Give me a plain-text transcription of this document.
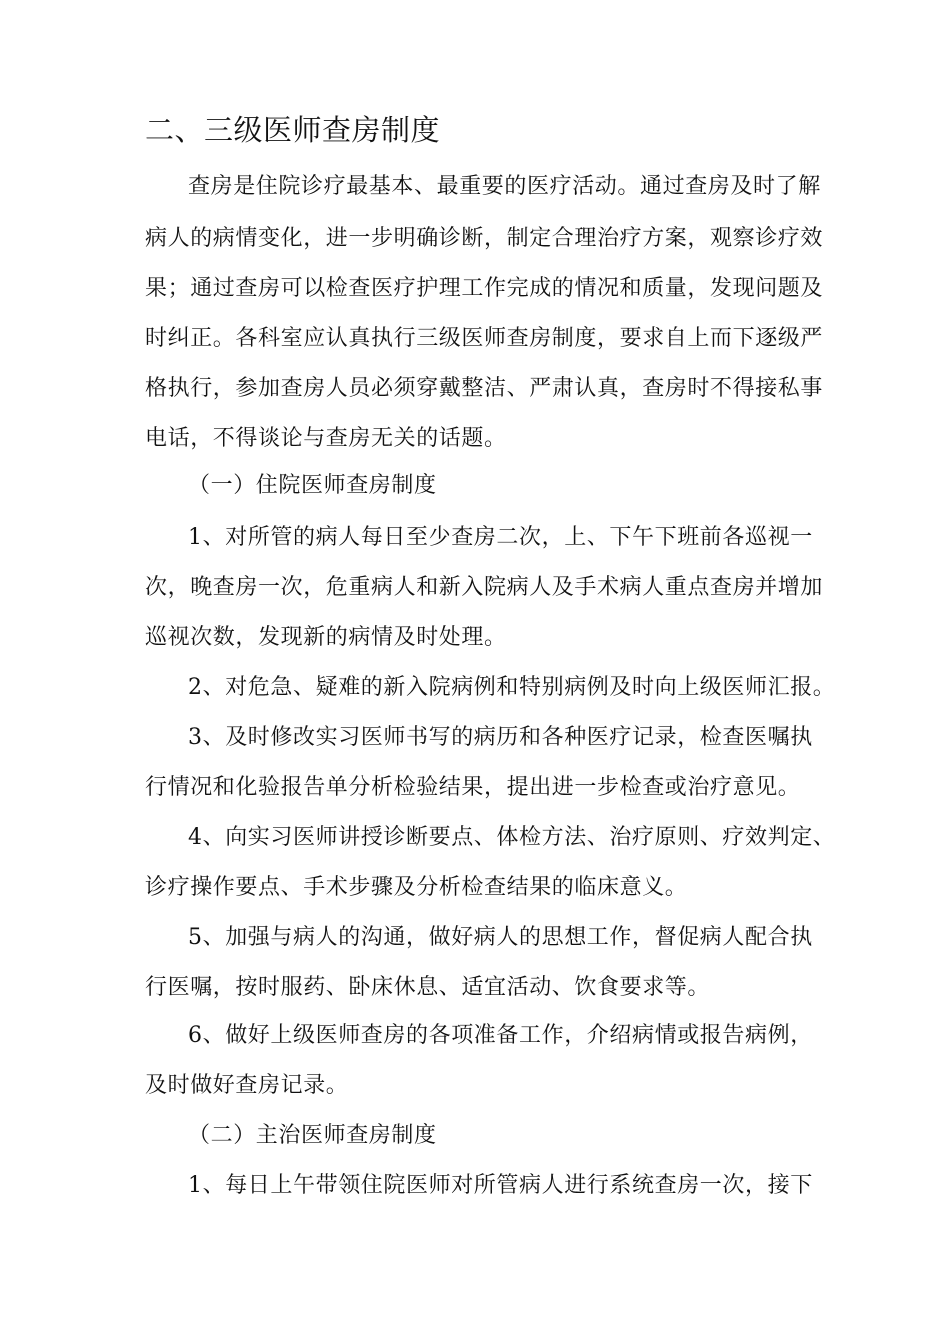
二、三级医师查房制度
查房是住院诊疗最基本、最重要的医疗活动。通过查房及时了解
病人的病情变化，进一步明确诊断，制定合理治疗方案，观察诊疗效
果；通过查房可以检查医疗护理工作完成的情况和质量，发现问题及
时纠正。各科室应认真执行三级医师查房制度，要求自上而下逐级严
格执行，参加查房人员必须穿戴整洁、严肃认真，查房时不得接私事
电话，不得谈论与查房无关的话题。
（一）住院医师查房制度
1、对所管的病人每日至少查房二次，上、下午下班前各巡视一
次，晚查房一次，危重病人和新入院病人及手术病人重点查房并增加
巡视次数，发现新的病情及时处理。
2、对危急、疑难的新入院病例和特别病例及时向上级医师汇报。
3、及时修改实习医师书写的病历和各种医疗记录，检查医嘱执
行情况和化验报告单分析检验结果，提出进一步检查或治疗意见。
4、向实习医师讲授诊断要点、体检方法、治疗原则、疗效判定、
诊疗操作要点、手术步骤及分析检查结果的临床意义。
5、加强与病人的沟通，做好病人的思想工作，督促病人配合执
行医嘱，按时服药、卧床休息、适宜活动、饮食要求等。
6、做好上级医师查房的各项准备工作，介绍病情或报告病例，
及时做好查房记录。
（二）主治医师查房制度
1、每日上午带领住院医师对所管病人进行系统查房一次，接下
